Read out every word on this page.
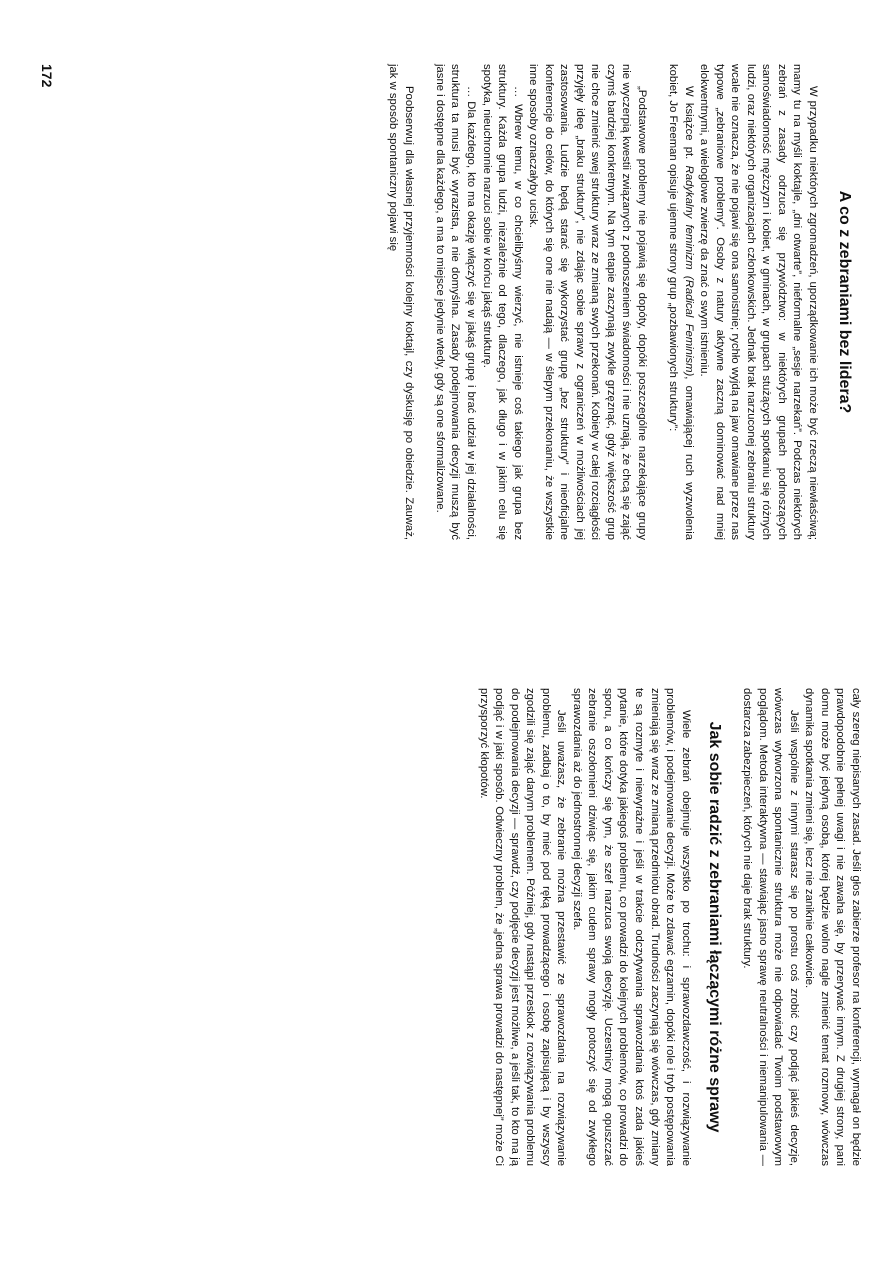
A co z zebraniami bez lidera?

W przypadku niektórych zgromadzeń, uporządkowanie ich może być rzeczą niewłaściwą; mamy tu na myśli koktajle, „dni otwarte”, nieformalne „sesje narzekań”. Podczas niektórych zebrań z zasady odrzuca się przywództwo: w niektórych grupach podnoszących samoświadomość mężczyzn i kobiet, w gminach, w grupach stużących spotkaniu się różnych ludzi, oraz niektórych organizacjach członkowskich. Jednak brak narzuconej zebraniu struktury wcale nie oznacza, że nie pojawi się ona samoistnie; rychło wyjdą na jaw omawiane przez nas typowe „zebraniowe problemy”. Osoby z natury aktywne zaczną dominować nad mniej elokwentnymi, a wieloglowe zwierzę da znać o swym istnieniu.

W książce pt. Radykalny feminizm (Radical Feminism), omawiającej ruch wyzwolenia kobiet, Jo Freeman opisuje ujemne strony grup „pozbawionych struktury”:

„Podstawowe problemy nie pojawią się dopóty, dopóki poszczególne narzekające grupy nie wyczerpią kwestii związanych z podnoszeniem świadomości i nie uznają, że chcą się zająć czymś bardziej konkretnym. Na tym etapie zaczynają zwykle grzęznąć, gdyż większość grup nie chce zmienić swej struktury wraz ze zmianą swych przekonań. Kobiety w całej rozciągłości przyjęły ideę „braku struktury”, nie zdając sobie sprawy z ograniczeń w możliwościach jej zastosowania. Ludzie będą starać się wykorzystać grupę „bez struktury” i nieoficjalne konferencje do celów, do których się one nie nadają — w ślepym przekonaniu, że wszystkie inne sposoby oznaczałyby ucisk.

… Wbrew temu, w co chcielibyśmy wierzyć, nie istnieje coś takiego jak grupa bez struktury. Każda grupa ludzi, niezależnie od tego, dlaczego, jak długo i w jakim celu się spotyka, nieuchronnie narzuci sobie w końcu jakąś strukturę.

… Dla każdego, kto ma okazję włączyć się w jakąś grupę i brać udział w jej działalności, struktura ta musi być wyrazista, a nie domyślna. Zasady podejmowania decyzji muszą być jasne i dostępne dla każdego, a ma to miejsce jedynie wtedy, gdy są one sformalizowane.

Poobserwuj dla własnej przyjemności kolejny koktajl, czy dyskusję po obiedzie. Zauważ, jak w sposób spontaniczny pojawi się

cały szereg niepisanych zasad. Jeśli głos zabierze profesor na konferencji, wymagał on będzie prawdopodobnie pełnej uwagi i nie zawaha się, by przerywać innym. Z drugiej strony, pani domu może być jedyną osobą, której będzie wolno nagle zmienić temat rozmowy, wówczas dynamika spotkania zmieni się, lecz nie zaniknie całkowicie.

Jeśli wspólnie z innymi starasz się po prostu coś zrobić czy podjąć jakieś decyzje, wówczas wytworzona spontanicznie struktura może nie odpowiadać Twoim podstawowym poglądom. Metoda interaktywna — stawiając jasno sprawę neutralności i niemanipulowania — dostarcza zabezpieczeń, których nie daje brak struktury.

Jak sobie radzić z zebraniami łączącymi różne sprawy

Wiele zebrań obejmuje wszystko po trochu: i sprawozdawczość, i rozwiązywanie problemów, i podejmowanie decyzji. Może to zdawać egzamin, dopóki role i tryb postępowania zmieniają się wraz ze zmianą przedmiotu obrad. Trudności zaczynają się wówczas, gdy zmiany te są rozmyte i niewyraźne i jeśli w trakcie odczytywania sprawozdania ktoś zada jakieś pytanie, które dotyka jakiegoś problemu, co prowadzi do kolejnych problemów, co prowadzi do sporu, a co kończy się tym, że szef narzuca swoją decyzję. Uczestnicy mogą opuszczać zebranie oszołomieni dziwiąc się, jakim cudem sprawy mogły potoczyć się od zwykłego sprawozdania aż do jednostronnej decyzji szefa.

Jeśli uważasz, że zebranie można przestawić ze sprawozdania na rozwiązywanie problemu, zadbaj o to, by mieć pod ręką prowadzącego i osobę zapisującą i by wszyscy zgodzili się zająć danym problemem. Później, gdy nastąpi przeskok z rozwiązywania problemu do podejmowania decyzji — sprawdź, czy podjęcie decyzji jest możliwe, a jeśli tak, to kto ma ją podjąć i w jaki sposób. Odwieczny problem, że „jedna sprawa prowadzi do następnej” może Ci przysporzyć kłopotów.

172
